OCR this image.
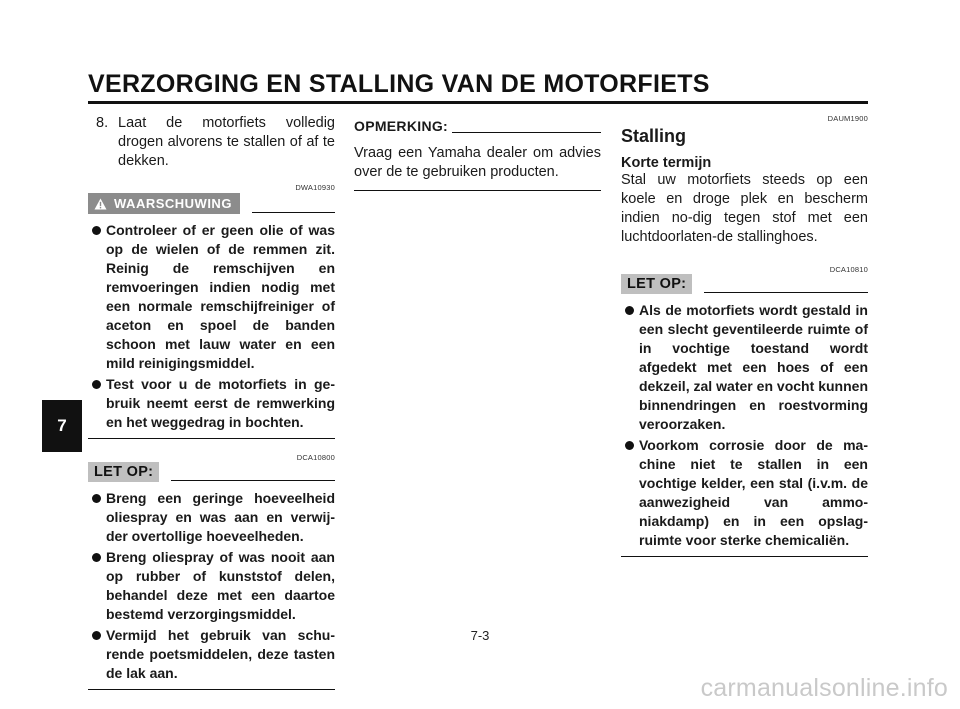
VERZORGING EN STALLING VAN DE MOTORFIETS
7
8. Laat de motorfiets volledig drogen alvorens te stallen of af te dekken.
DWA10930
WAARSCHUWING
Controleer of er geen olie of was op de wielen of de remmen zit. Reinig de remschijven en remvoeringen indien nodig met een normale remschijfreiniger of aceton en spoel de banden schoon met lauw water en een mild reinigingsmiddel.
Test voor u de motorfiets in ge-bruik neemt eerst de remwerking en het weggedrag in bochten.
DCA10800
LET OP:
Breng een geringe hoeveelheid oliespray en was aan en verwij-der overtollige hoeveelheden.
Breng oliespray of was nooit aan op rubber of kunststof delen, behandel deze met een daartoe bestemd verzorgingsmiddel.
Vermijd het gebruik van schu-rende poetsmiddelen, deze tasten de lak aan.
OPMERKING:
Vraag een Yamaha dealer om advies over de te gebruiken producten.
DAUM1900
Stalling
Korte termijn
Stal uw motorfiets steeds op een koele en droge plek en bescherm indien no-dig tegen stof met een luchtdoorlaten-de stallinghoes.
DCA10810
LET OP:
Als de motorfiets wordt gestald in een slecht geventileerde ruimte of in vochtige toestand wordt afgedekt met een hoes of een dekzeil, zal water en vocht kunnen binnendringen en roestvorming veroorzaken.
Voorkom corrosie door de ma-chine niet te stallen in een vochtige kelder, een stal (i.v.m. de aanwezigheid van ammo-niakdamp) en in een opslag-ruimte voor sterke chemicaliën.
7-3
carmanualsonline.info
